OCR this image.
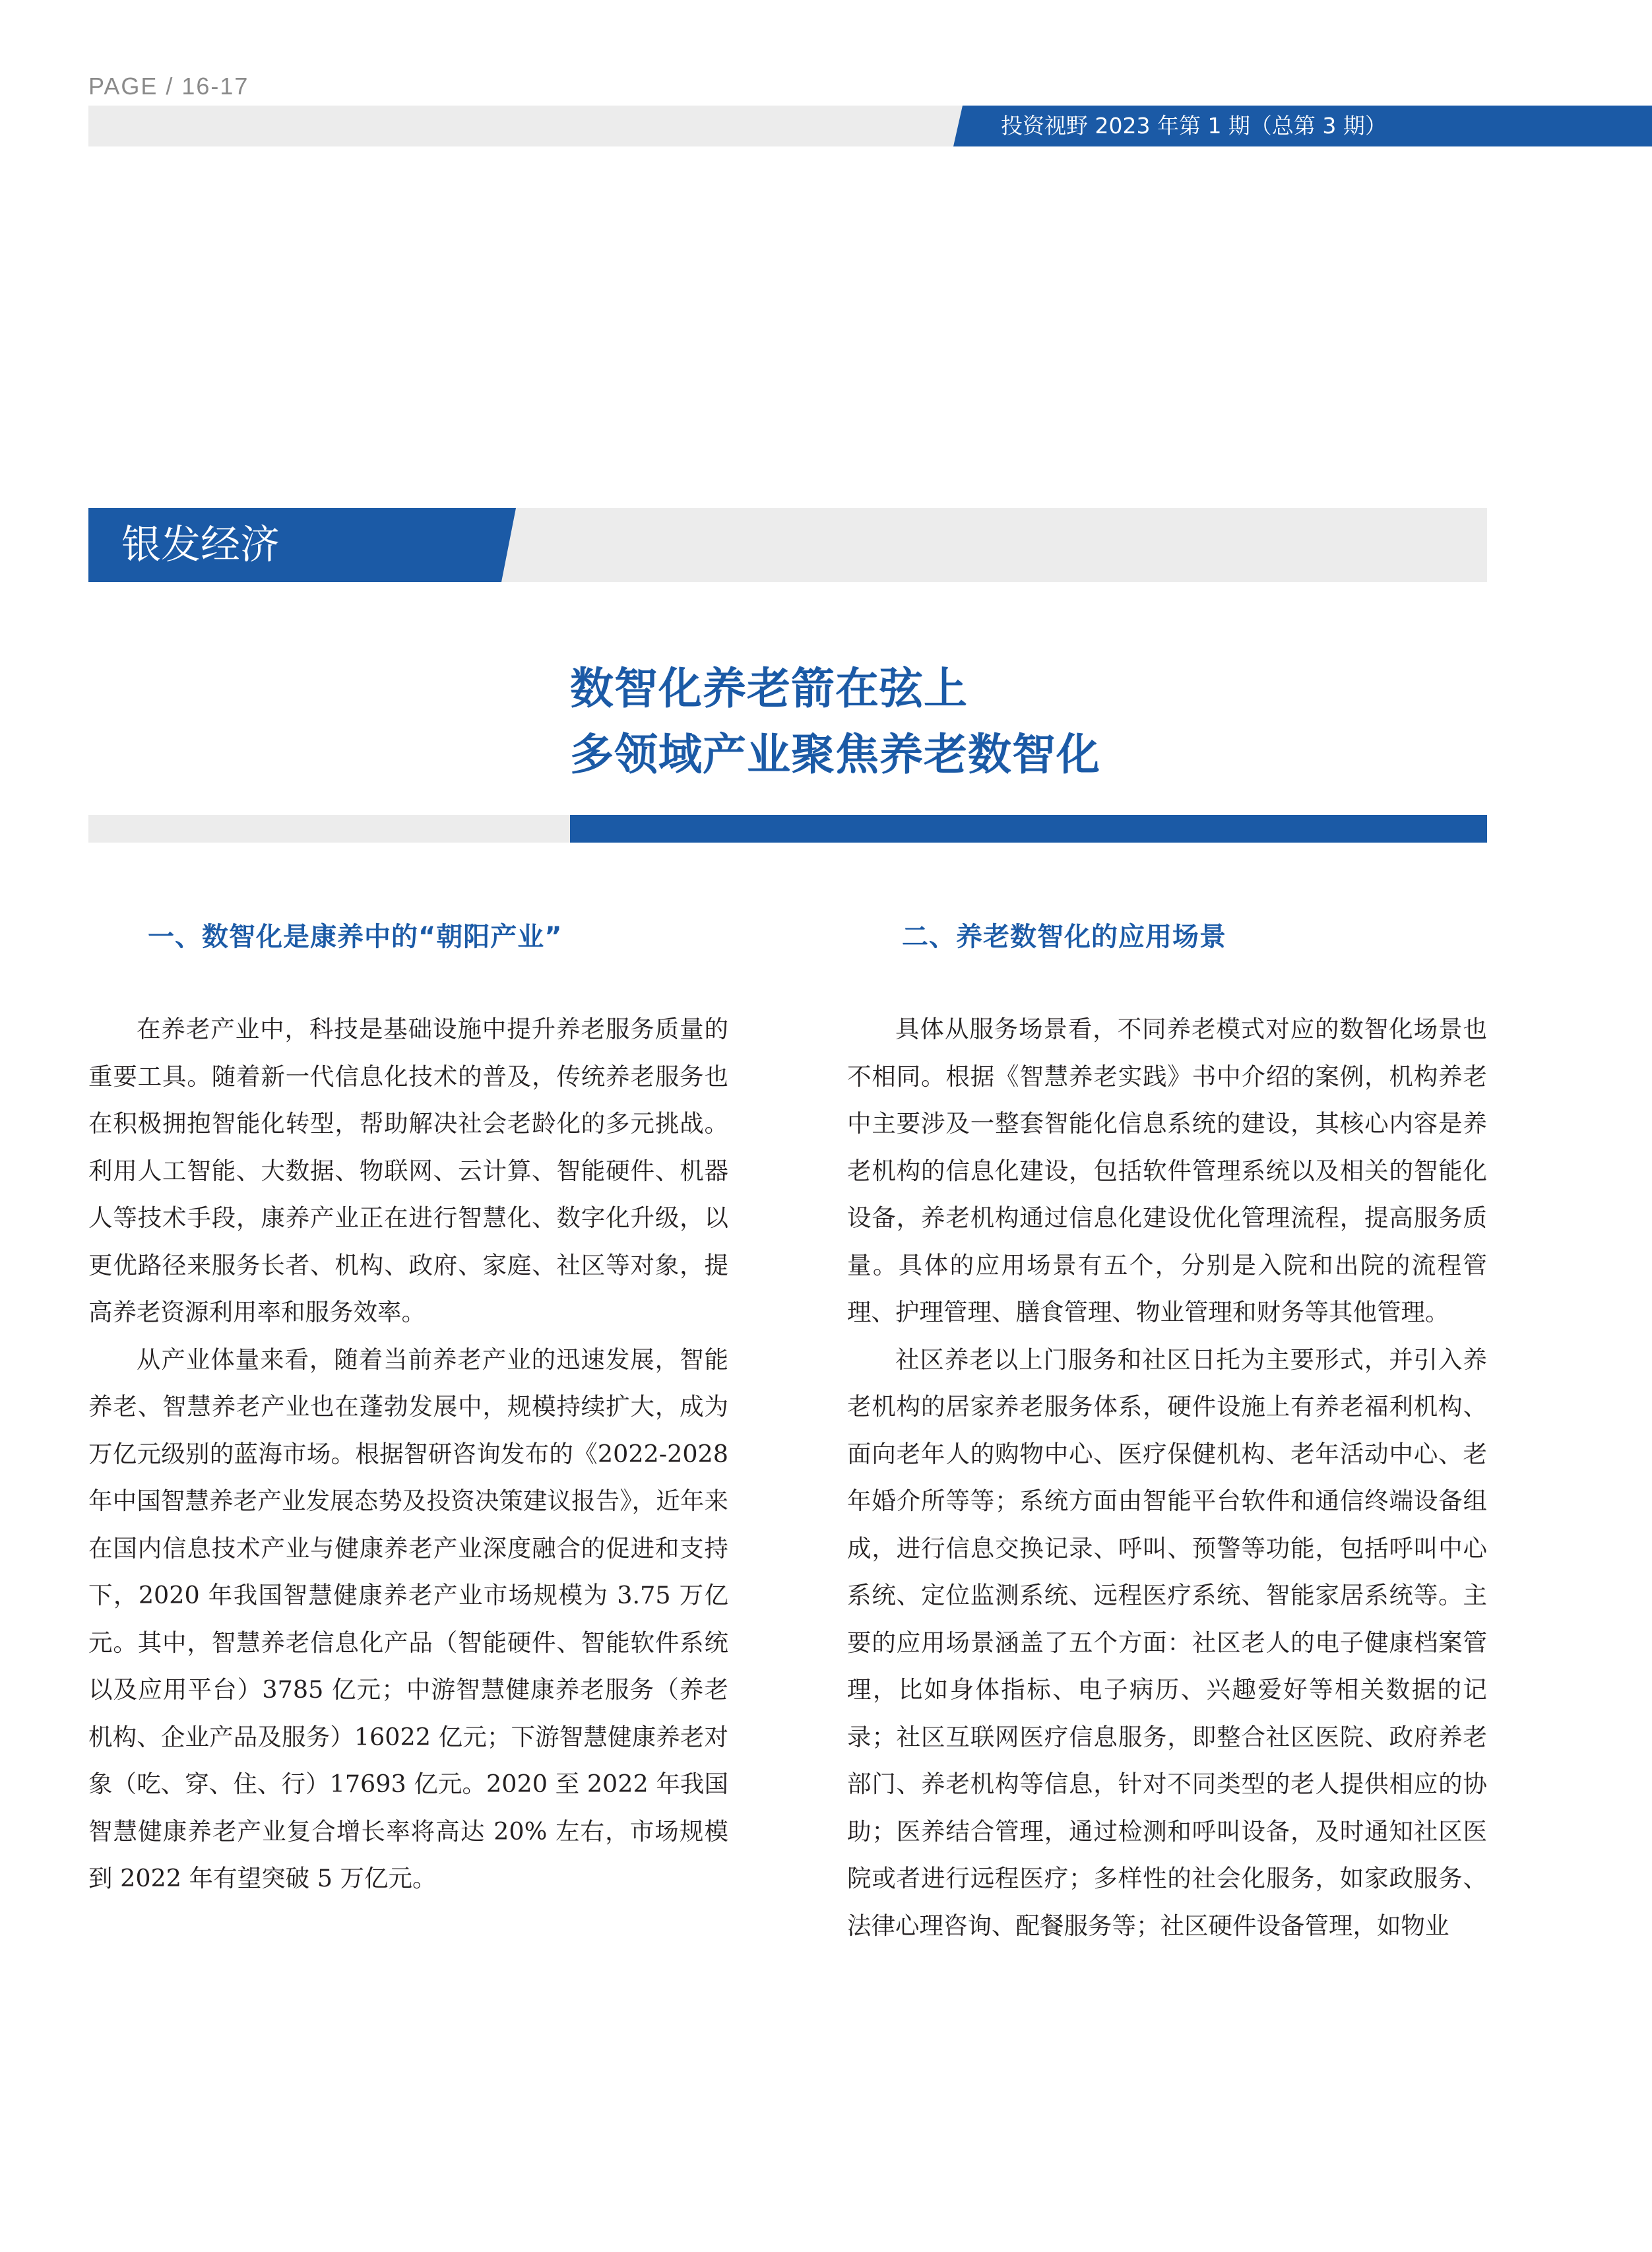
PAGE / 16-17
投资视野 2023 年第 1 期（总第 3 期）
银发经济
数智化养老箭在弦上
多领域产业聚焦养老数智化
一、数智化是康养中的“朝阳产业”

在养老产业中，科技是基础设施中提升养老服务质量的重要工具。随着新一代信息化技术的普及，传统养老服务也在积极拥抱智能化转型，帮助解决社会老龄化的多元挑战。利用人工智能、大数据、物联网、云计算、智能硬件、机器人等技术手段，康养产业正在进行智慧化、数字化升级，以更优路径来服务长者、机构、政府、家庭、社区等对象，提高养老资源利用率和服务效率。

从产业体量来看，随着当前养老产业的迅速发展，智能养老、智慧养老产业也在蓬勃发展中，规模持续扩大，成为万亿元级别的蓝海市场。根据智研咨询发布的《2022-2028 年中国智慧养老产业发展态势及投资决策建议报告》，近年来在国内信息技术产业与健康养老产业深度融合的促进和支持下，2020 年我国智慧健康养老产业市场规模为 3.75 万亿元。其中，智慧养老信息化产品（智能硬件、智能软件系统以及应用平台）3785 亿元；中游智慧健康养老服务（养老机构、企业产品及服务）16022 亿元；下游智慧健康养老对象（吃、穿、住、行）17693 亿元。2020 至 2022 年我国智慧健康养老产业复合增长率将高达 20% 左右，市场规模到 2022 年有望突破 5 万亿元。

二、养老数智化的应用场景

具体从服务场景看，不同养老模式对应的数智化场景也不相同。根据《智慧养老实践》书中介绍的案例，机构养老中主要涉及一整套智能化信息系统的建设，其核心内容是养老机构的信息化建设，包括软件管理系统以及相关的智能化设备，养老机构通过信息化建设优化管理流程，提高服务质量。具体的应用场景有五个，分别是入院和出院的流程管理、护理管理、膳食管理、物业管理和财务等其他管理。

社区养老以上门服务和社区日托为主要形式，并引入养老机构的居家养老服务体系，硬件设施上有养老福利机构、面向老年人的购物中心、医疗保健机构、老年活动中心、老年婚介所等等；系统方面由智能平台软件和通信终端设备组成，进行信息交换记录、呼叫、预警等功能，包括呼叫中心系统、定位监测系统、远程医疗系统、智能家居系统等。主要的应用场景涵盖了五个方面：社区老人的电子健康档案管理，比如身体指标、电子病历、兴趣爱好等相关数据的记录；社区互联网医疗信息服务，即整合社区医院、政府养老部门、养老机构等信息，针对不同类型的老人提供相应的协助；医养结合管理，通过检测和呼叫设备，及时通知社区医院或者进行远程医疗；多样性的社会化服务，如家政服务、法律心理咨询、配餐服务等；社区硬件设备管理，如物业
